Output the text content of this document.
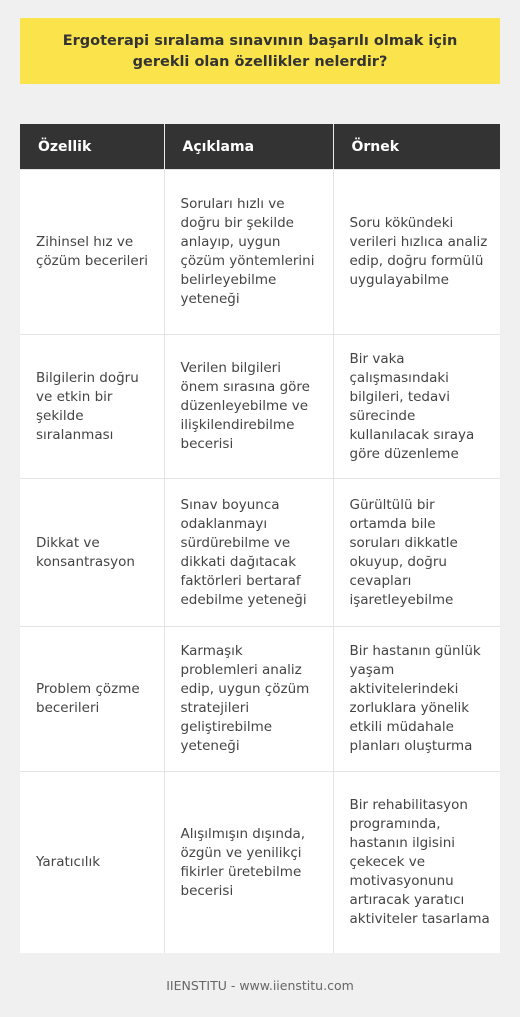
Ergoterapi sıralama sınavının başarılı olmak için gerekli olan özellikler nelerdir?

Özellik	Açıklama	Örnek
Zihinsel hız ve çözüm becerileri	Soruları hızlı ve doğru bir şekilde anlayıp, uygun çözüm yöntemlerini belirleyebilme yeteneği	Soru kökündeki verileri hızlıca analiz edip, doğru formülü uygulayabilme
Bilgilerin doğru ve etkin bir şekilde sıralanması	Verilen bilgileri önem sırasına göre düzenleyebilme ve ilişkilendirebilme becerisi	Bir vaka çalışmasındaki bilgileri, tedavi sürecinde kullanılacak sıraya göre düzenleme
Dikkat ve konsantrasyon	Sınav boyunca odaklanmayı sürdürebilme ve dikkati dağıtacak faktörleri bertaraf edebilme yeteneği	Gürültülü bir ortamda bile soruları dikkatle okuyup, doğru cevapları işaretleyebilme
Problem çözme becerileri	Karmaşık problemleri analiz edip, uygun çözüm stratejileri geliştirebilme yeteneği	Bir hastanın günlük yaşam aktivitelerindeki zorluklara yönelik etkili müdahale planları oluşturma
Yaratıcılık	Alışılmışın dışında, özgün ve yenilikçi fikirler üretebilme becerisi	Bir rehabilitasyon programında, hastanın ilgisini çekecek ve motivasyonunu artıracak yaratıcı aktiviteler tasarlama
IIENSTITU - www.iienstitu.com
